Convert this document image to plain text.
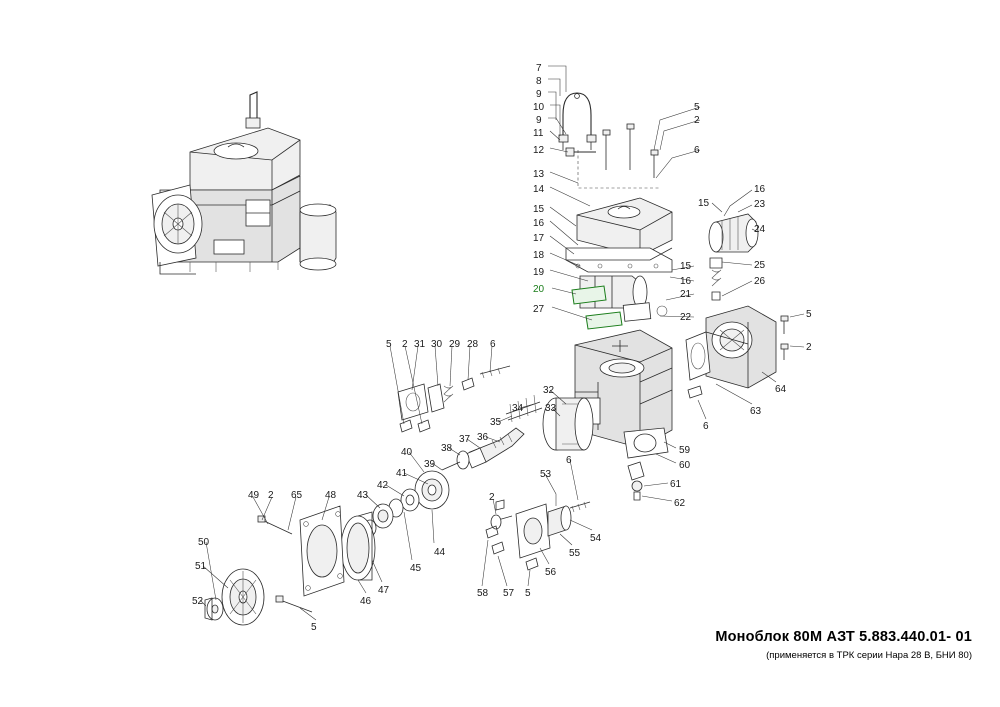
7
8
9
10
9
11
12
13
14
15
16
17
18
19
20
27
5
2
6
15
16
23
24
25
26
15
16
21
22	5
2
64
63
6
5 2 31 30 29 28 6
32
33
34
35
36
37
38
39
40
41
42
43
44
45
46
47
48
65
2
49
50
51
52
5
2
58 57 5
56
55
54
53
6
59
60
61
62
Моноблок 80М АЗТ 5.883.440.01- 01
(применяется в ТРК серии Нара 28 В, БНИ 80)
